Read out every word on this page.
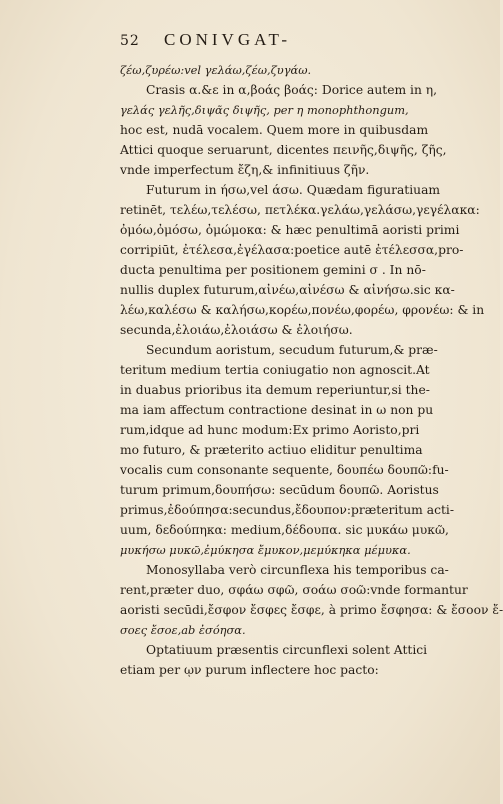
52 CONIVGAT-
ζέω,ζυρέω:vel γελάω,ζέω,ζυγάω.
Crasis α.&ε in α,βοάς βοάς: Dorice autem in η,
γελάς γελῆς,διψᾶς διψῆς, per η monophthongum,
hoc est, nudā vocalem. Quem more in quibusdam
Attici quoque seruarunt, dicentes πεινῆς,διψῆς, ζῆς,
vnde imperfectum ἔζη,& infinitiuus ζῆν.
Futurum in ήσω,vel άσω. Quædam figuratiuam
retinēt, τελέω,τελέσω, πετλέκα.γελάω,γελάσω,γεγέλακα:
ὀμόω,ὀμόσω, ὀμώμοκα: & hæc penultimā aoristi primi
corripiūt, ἐτέλεσα,ἐγέλασα:poetice autē ἐτέλεσσα,pro-
ducta penultima per positionem gemini σ . In nō-
nullis duplex futurum,αἰνέω,αἰνέσω & αἰνήσω.sic κα-
λέω,καλέσω & καλήσω,κορέω,πονέω,φορέω, φρονέω: & in
secunda,ἐλοιάω,ἐλοιάσω & ἐλοιήσω.
Secundum aoristum, secudum futurum,& præ-
teritum medium tertia coniugatio non agnoscit.At
in duabus prioribus ita demum reperiuntur,si the-
ma iam affectum contractione desinat in ω non pu
rum,idque ad hunc modum:Ex primo Aoristo,pri
mo futuro, & præterito actiuo eliditur penultima
vocalis cum consonante sequente, δουπέω δουπῶ:fu-
turum primum,δουπήσω: secūdum δουπῶ. Aoristus
primus,ἐδούπησα:secundus,ἔδουπον:præteritum acti-
uum, δεδούπηκα: medium,δέδουπα. sic μυκάω μυκῶ,
μυκήσω μυκῶ,ἐμύκησα ἔμυκον,μεμύκηκα μέμυκα.
Monosyllaba verò circunflexa his temporibus ca-
rent,præter duo, σφάω σφῶ, σοάω σοῶ:vnde formantur
aoristi secūdi,ἔσφον ἔσφες ἔσφε, à primo ἔσφησα: & ἔσοον ἔ-
σοες ἔσοε,ab ἐσόησα.
Optatiuum præsentis circunflexi solent Attici
etiam per ῳν purum inflectere hoc pacto:
